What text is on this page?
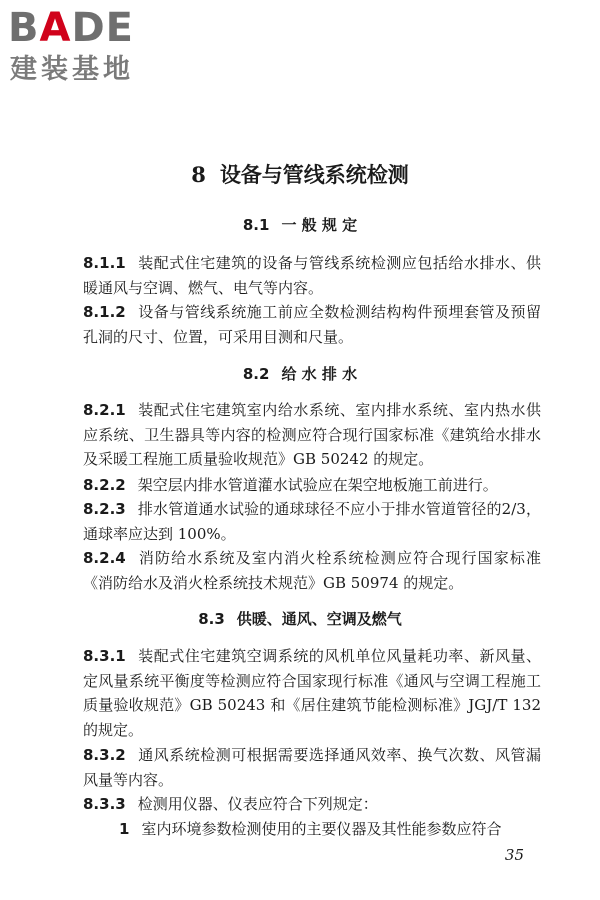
BADE
建装基地
8 设备与管线系统检测
8.1 一 般 规 定

8.1.1 装配式住宅建筑的设备与管线系统检测应包括给水排水、供暖通风与空调、燃气、电气等内容。

8.1.2 设备与管线系统施工前应全数检测结构构件预埋套管及预留孔洞的尺寸、位置，可采用目测和尺量。

8.2 给 水 排 水

8.2.1 装配式住宅建筑室内给水系统、室内排水系统、室内热水供应系统、卫生器具等内容的检测应符合现行国家标准《建筑给水排水及采暖工程施工质量验收规范》GB 50242 的规定。

8.2.2 架空层内排水管道灌水试验应在架空地板施工前进行。

8.2.3 排水管道通水试验的通球球径不应小于排水管道管径的2/3，通球率应达到 100%。

8.2.4 消防给水系统及室内消火栓系统检测应符合现行国家标准《消防给水及消火栓系统技术规范》GB 50974 的规定。

8.3 供暖、通风、空调及燃气

8.3.1 装配式住宅建筑空调系统的风机单位风量耗功率、新风量、定风量系统平衡度等检测应符合国家现行标准《通风与空调工程施工质量验收规范》GB 50243 和《居住建筑节能检测标准》JGJ/T 132 的规定。

8.3.2 通风系统检测可根据需要选择通风效率、换气次数、风管漏风量等内容。

8.3.3 检测用仪器、仪表应符合下列规定：

1 室内环境参数检测使用的主要仪器及其性能参数应符合

35
